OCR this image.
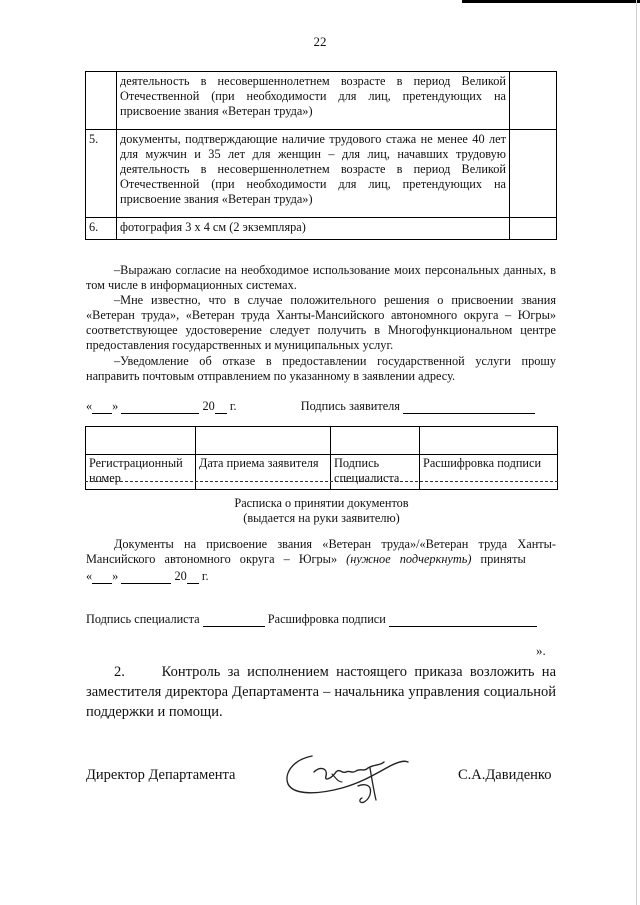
22
	деятельность в несовершеннолетнем возрасте в период Великой Отечественной (при необходимости для лиц, претендующих на присвоение звания «Ветеран труда»)	
5.	документы, подтверждающие наличие трудового стажа не менее 40 лет для мужчин и 35 лет для женщин – для лиц, начавших трудовую деятельность в несовершеннолетнем возрасте в период Великой Отечественной (при необходимости для лиц, претендующих на присвоение звания «Ветеран труда»)	
6.	фотография 3 х 4 см (2 экземпляра)	
–Выражаю согласие на необходимое использование моих персональных данных, в том числе в информационных системах.
–Мне известно, что в случае положительного решения о присвоении звания «Ветеран труда», «Ветеран труда Ханты-Мансийского автономного округа – Югры» соответствующее удостоверение следует получить в Многофункциональном центре предоставления государственных и муниципальных услуг.
–Уведомление об отказе в предоставлении государственной услуги прошу направить почтовым отправлением по указанному в заявлении адресу.
« »	20 г.	Подпись заявителя

Регистрационный номер	Дата приема заявителя	Подпись специалиста	Расшифровка подписи
Расписка о принятии документов
(выдается на руки заявителю)
Документы на присвоение звания «Ветеран труда»/«Ветеран труда Ханты-Мансийского автономного округа – Югры» (нужное подчеркнуть) приняты
« »	20 г.
Подпись специалиста	Расшифровка подписи
».
2.	Контроль за исполнением настоящего приказа возложить на заместителя директора Департамента – начальника управления социальной поддержки и помощи.
Директор Департамента	С.А.Давиденко
